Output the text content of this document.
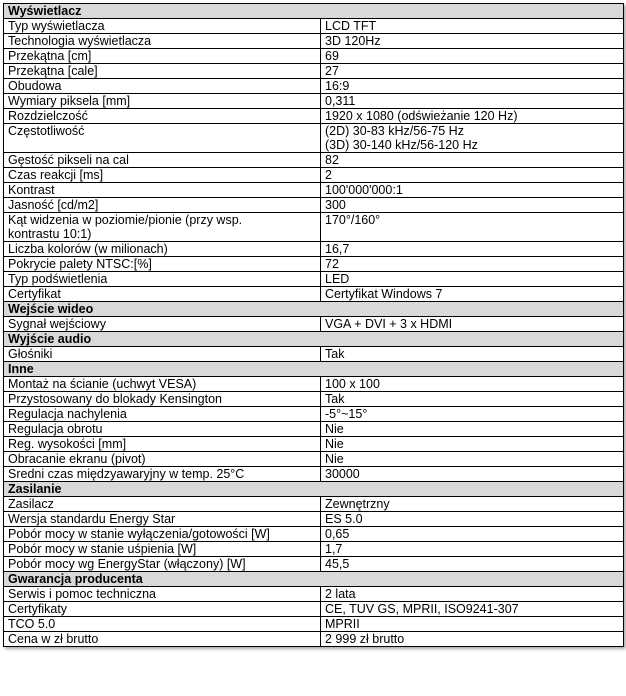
Wyświetlacz	
Typ wyświetlacza	LCD TFT
Technologia wyświetlacza	3D 120Hz
Przekątna [cm]	69
Przekątna [cale]	27
Obudowa	16:9
Wymiary piksela [mm]	0,311
Rozdzielczość	1920 x 1080 (odświeżanie 120 Hz)
Częstotliwość	(2D) 30-83 kHz/56-75 Hz
(3D) 30-140 kHz/56-120 Hz
Gęstość pikseli na cal	82
Czas reakcji [ms]	2
Kontrast	100'000'000:1
Jasność [cd/m2]	300
Kąt widzenia w poziomie/pionie (przy wsp.
kontrastu 10:1)	170°/160°
Liczba kolorów (w milionach)	16,7
Pokrycie palety NTSC:[%]	72
Typ podświetlenia	LED
Certyfikat	Certyfikat Windows 7
Wejście wideo	
Sygnał wejściowy	VGA + DVI + 3 x HDMI
Wyjście audio	
Głośniki	Tak
Inne	
Montaż na ścianie (uchwyt VESA)	100 x 100
Przystosowany do blokady Kensington	Tak
Regulacja nachylenia	-5°~15°
Regulacja obrotu	Nie
Reg. wysokości [mm]	Nie
Obracanie ekranu (pivot)	Nie
Sredni czas międzyawaryjny w temp. 25°C	30000
Zasilanie	
Zasilacz	Zewnętrzny
Wersja standardu Energy Star	ES 5.0
Pobór mocy w stanie wyłączenia/gotowości [W]	0,65
Pobór mocy w stanie uśpienia [W]	1,7
Pobór mocy wg EnergyStar (włączony) [W]	45,5
Gwarancja producenta	
Serwis i pomoc techniczna	2 lata
Certyfikaty	CE, TUV GS, MPRII, ISO9241-307
TCO 5.0	MPRII
Cena w zł brutto	2 999 zł brutto
